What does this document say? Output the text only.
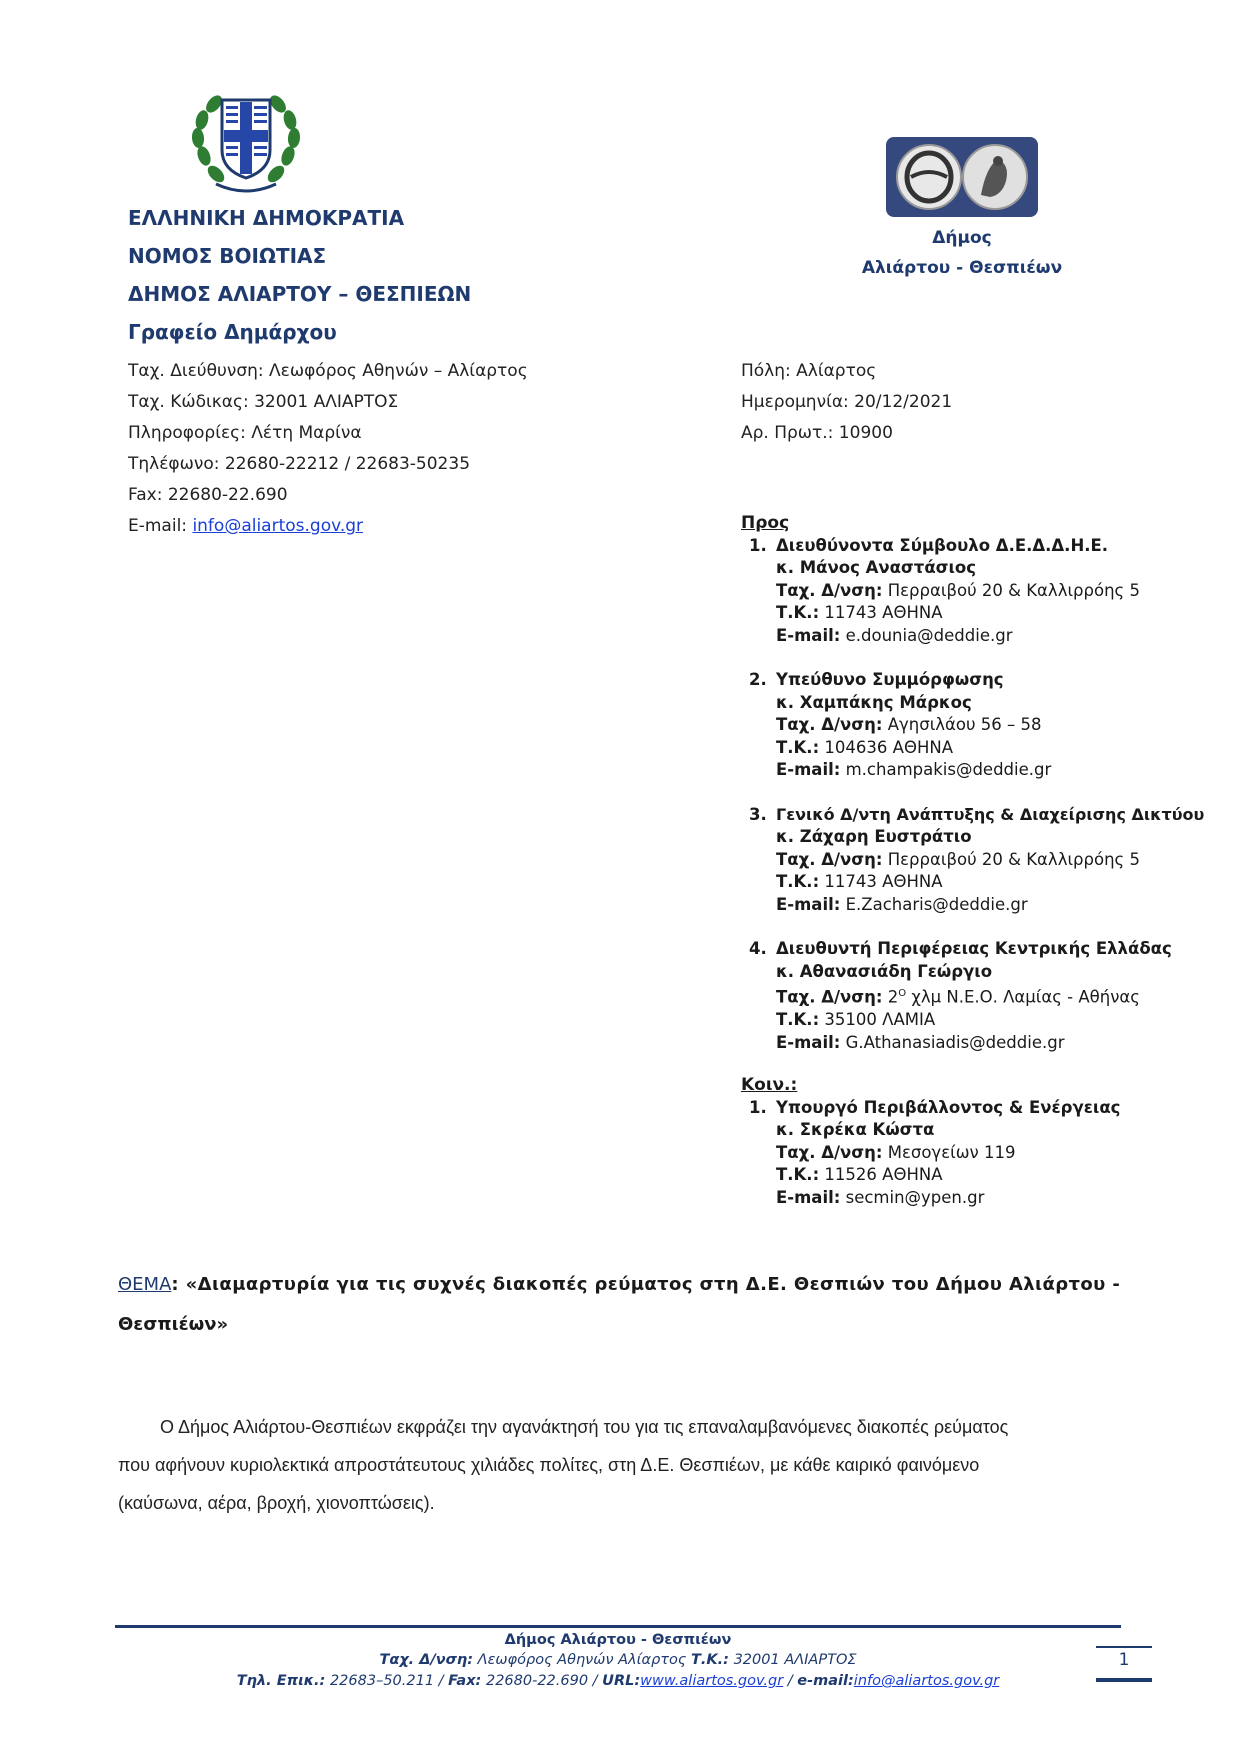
ΕΛΛΗΝΙΚΗ ΔΗΜΟΚΡΑΤΙΑ
ΝΟΜΟΣ ΒΟΙΩΤΙΑΣ
ΔΗΜΟΣ ΑΛΙΑΡΤΟΥ – ΘΕΣΠΙΕΩΝ
Γραφείο Δημάρχου
Δήμος
Αλιάρτου - Θεσπιέων
Ταχ. Διεύθυνση: Λεωφόρος Αθηνών – Αλίαρτος
Ταχ. Κώδικας: 32001 ΑΛΙΑΡΤΟΣ
Πληροφορίες: Λέτη Μαρίνα
Τηλέφωνο: 22680-22212 / 22683-50235
Fax: 22680-22.690
E-mail: info@aliartos.gov.gr
Πόλη: Αλίαρτος
Ημερομηνία: 20/12/2021
Αρ. Πρωτ.: 10900
Προς
1. Διευθύνοντα Σύμβουλο Δ.Ε.Δ.Δ.Η.Ε.
κ. Μάνος Αναστάσιος
Ταχ. Δ/νση: Περραιβού 20 & Καλλιρρόης 5
Τ.Κ.: 11743 ΑΘΗΝΑ
E-mail: e.dounia@deddie.gr
2. Υπεύθυνο Συμμόρφωσης
κ. Χαμπάκης Μάρκος
Ταχ. Δ/νση: Αγησιλάου 56 – 58
Τ.Κ.: 104636 ΑΘΗΝΑ
E-mail: m.champakis@deddie.gr
3. Γενικό Δ/ντη Ανάπτυξης & Διαχείρισης Δικτύου
κ. Ζάχαρη Ευστράτιο
Ταχ. Δ/νση: Περραιβού 20 & Καλλιρρόης 5
Τ.Κ.: 11743 ΑΘΗΝΑ
E-mail: E.Zacharis@deddie.gr
4. Διευθυντή Περιφέρειας Κεντρικής Ελλάδας
κ. Αθανασιάδη Γεώργιο
Ταχ. Δ/νση: $2^O$ χλμ Ν.Ε.Ο. Λαμίας - Αθήνας
Τ.Κ.: 35100 ΛΑΜΙΑ
E-mail: G.Athanasiadis@deddie.gr
Κοιν.:
1. Υπουργό Περιβάλλοντος & Ενέργειας
κ. Σκρέκα Κώστα
Ταχ. Δ/νση: Μεσογείων 119
Τ.Κ.: 11526 ΑΘΗΝΑ
E-mail: secmin@ypen.gr
ΘΕΜΑ: «Διαμαρτυρία για τις συχνές διακοπές ρεύματος στη Δ.Ε. Θεσπιών του Δήμου Αλιάρτου -
Θεσπιέων»
Ο Δήμος Αλιάρτου-Θεσπιέων εκφράζει την αγανάκτησή του για τις επαναλαμβανόμενες διακοπές ρεύματος
που αφήνουν κυριολεκτικά απροστάτευτους χιλιάδες πολίτες, στη Δ.Ε. Θεσπιέων, με κάθε καιρικό φαινόμενο
(καύσωνα, αέρα, βροχή, χιονοπτώσεις).
Δήμος Αλιάρτου - Θεσπιέων
Ταχ. Δ/νση: Λεωφόρος Αθηνών Αλίαρτος Τ.Κ.: 32001 ΑΛΙΑΡΤΟΣ
Τηλ. Επικ.: 22683–50.211 / Fax: 22680-22.690 / URL:www.aliartos.gov.gr / e-mail:info@aliartos.gov.gr
1
